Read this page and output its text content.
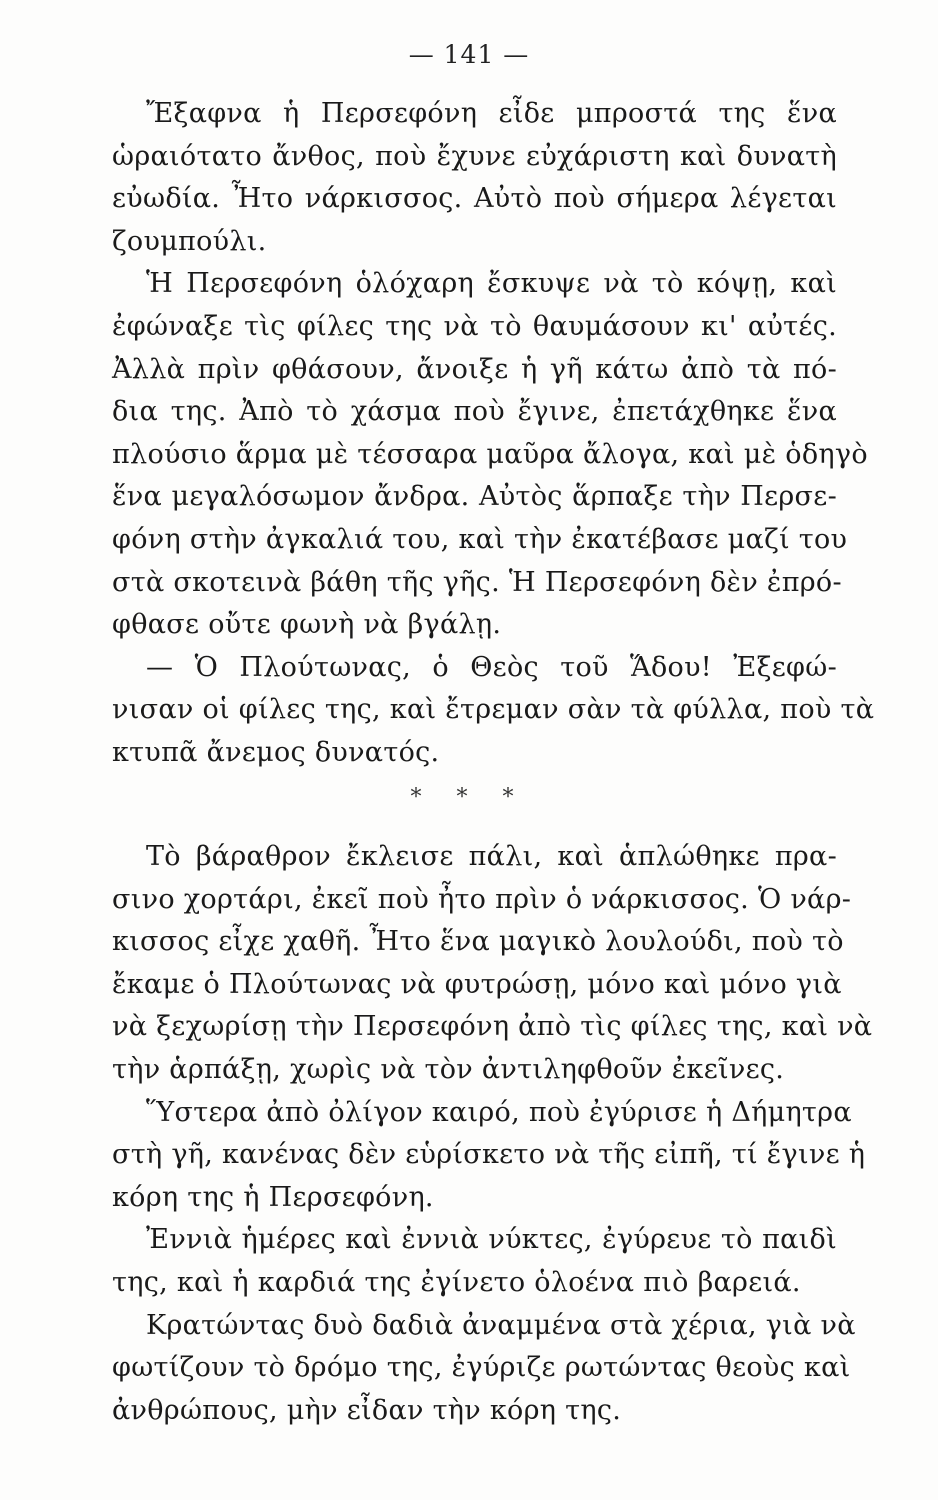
— 141 —
Ἔξαφνα ἡ Περσεφόνη εἶδε μπροστά της ἕνα
ὡραιότατο ἄνθος, ποὺ ἔχυνε εὐχάριστη καὶ δυνατὴ
εὐωδία. Ἦτο νάρκισσος. Αὐτὸ ποὺ σήμερα λέγεται
ζουμπούλι.
Ἡ Περσεφόνη ὁλόχαρη ἔσκυψε νὰ τὸ κόψῃ, καὶ
ἐφώναξε τὶς φίλες της νὰ τὸ θαυμάσουν κι' αὐτές.
Ἀλλὰ πρὶν φθάσουν, ἄνοιξε ἡ γῆ κάτω ἀπὸ τὰ πό-
δια της. Ἀπὸ τὸ χάσμα ποὺ ἔγινε, ἐπετάχθηκε ἕνα
πλούσιο ἅρμα μὲ τέσσαρα μαῦρα ἄλογα, καὶ μὲ ὁδηγὸ
ἕνα μεγαλόσωμον ἄνδρα. Αὐτὸς ἅρπαξε τὴν Περσε-
φόνη στὴν ἀγκαλιά του, καὶ τὴν ἐκατέβασε μαζί του
στὰ σκοτεινὰ βάθη τῆς γῆς. Ἡ Περσεφόνη δὲν ἐπρό-
φθασε οὔτε φωνὴ νὰ βγάλῃ.
— Ὁ Πλούτωνας, ὁ Θεὸς τοῦ Ἅδου! Ἐξεφώ-
νισαν οἱ φίλες της, καὶ ἔτρεμαν σὰν τὰ φύλλα, ποὺ τὰ
κτυπᾶ ἄνεμος δυνατός.
* * *
Τὸ βάραθρον ἔκλεισε πάλι, καὶ ἁπλώθηκε πρα-
σινο χορτάρι, ἐκεῖ ποὺ ἦτο πρὶν ὁ νάρκισσος. Ὁ νάρ-
κισσος εἶχε χαθῆ. Ἦτο ἕνα μαγικὸ λουλούδι, ποὺ τὸ
ἔκαμε ὁ Πλούτωνας νὰ φυτρώσῃ, μόνο καὶ μόνο γιὰ
νὰ ξεχωρίσῃ τὴν Περσεφόνη ἀπὸ τὶς φίλες της, καὶ νὰ
τὴν ἁρπάξῃ, χωρὶς νὰ τὸν ἀντιληφθοῦν ἐκεῖνες.
Ὕστερα ἀπὸ ὀλίγον καιρό, ποὺ ἐγύρισε ἡ Δήμητρα
στὴ γῆ, κανένας δὲν εὑρίσκετο νὰ τῆς εἰπῆ, τί ἔγινε ἡ
κόρη της ἡ Περσεφόνη.
Ἐννιὰ ἡμέρες καὶ ἐννιὰ νύκτες, ἐγύρευε τὸ παιδὶ
της, καὶ ἡ καρδιά της ἐγίνετο ὁλοένα πιὸ βαρειά.
Κρατώντας δυὸ δαδιὰ ἀναμμένα στὰ χέρια, γιὰ νὰ
φωτίζουν τὸ δρόμο της, ἐγύριζε ρωτώντας θεοὺς καὶ
ἀνθρώπους, μὴν εἶδαν τὴν κόρη της.
